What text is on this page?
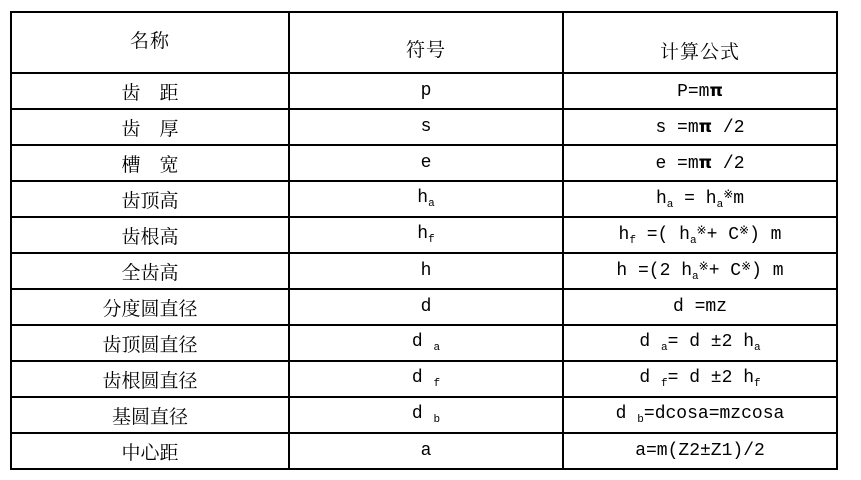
名称	符号	计算公式
齿　距	p	P=mπ
齿　厚	s	s =mπ /2
槽　宽	e	e =mπ /2
齿顶高	$h_a$	$h_a = h_a^※m$
齿根高	$h_f$	$h_f$ =( $h_a^※+ C^※$) m
全齿高	h	h =(2 $h_a^※+ C^※$) m
分度圆直径	d	d =mz
齿顶圆直径	d $_a$	d $_a$= d ±2 $h_a$
齿根圆直径	d $_f$	d $_f$= d ±2 $h_f$
基圆直径	d $_b$	d $_b$=dcosa=mzcosa
中心距	a	a=m(Z2±Z1)/2
